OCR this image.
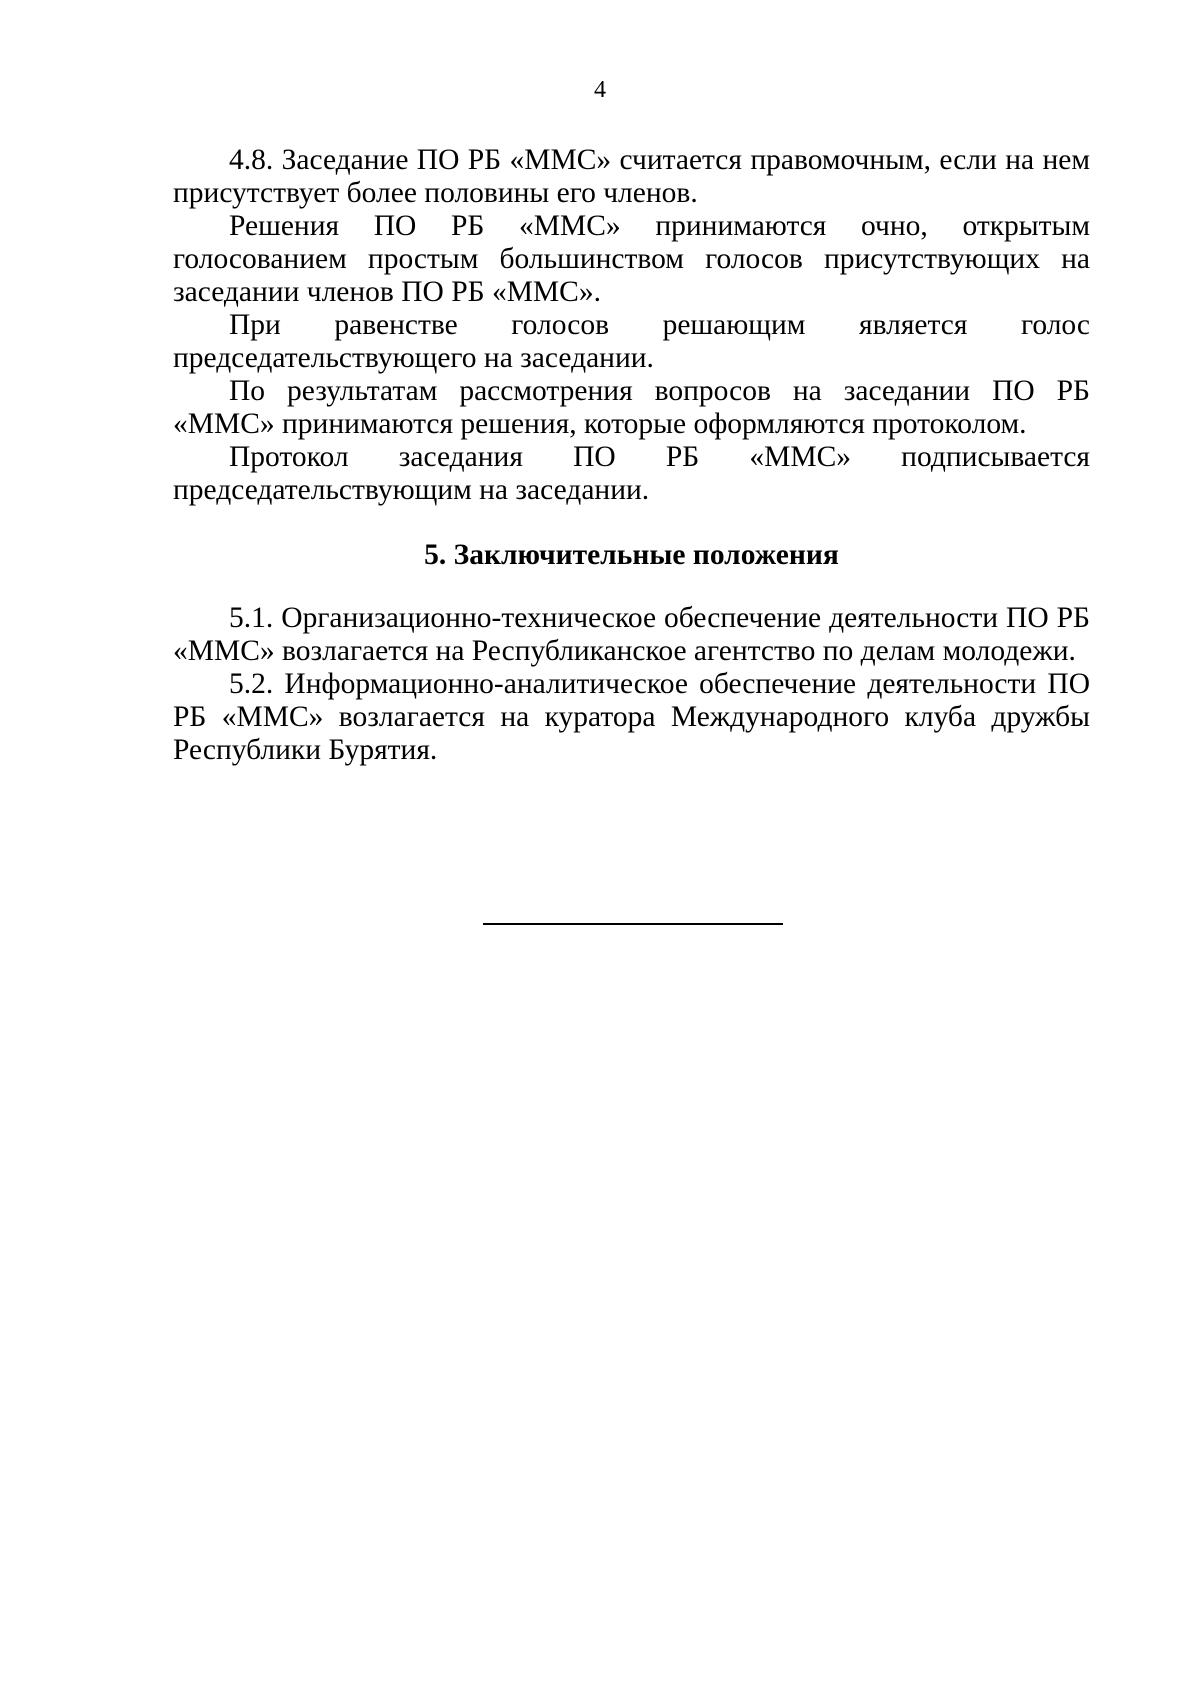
4

4.8. Заседание ПО РБ «ММС» считается правомочным, если на нем присутствует более половины его членов.

Решения ПО РБ «ММС» принимаются очно, открытым голосованием простым большинством голосов присутствующих на заседании членов ПО РБ «ММС».

При равенстве голосов решающим является голос председательствующего на заседании.

По результатам рассмотрения вопросов на заседании ПО РБ «ММС» принимаются решения, которые оформляются протоколом.

Протокол заседания ПО РБ «ММС» подписывается председательствующим на заседании.

5. Заключительные положения

5.1. Организационно-техническое обеспечение деятельности ПО РБ «ММС» возлагается на Республиканское агентство по делам молодежи.

5.2. Информационно-аналитическое обеспечение деятельности ПО РБ «ММС» возлагается на куратора Международного клуба дружбы Республики Бурятия.
